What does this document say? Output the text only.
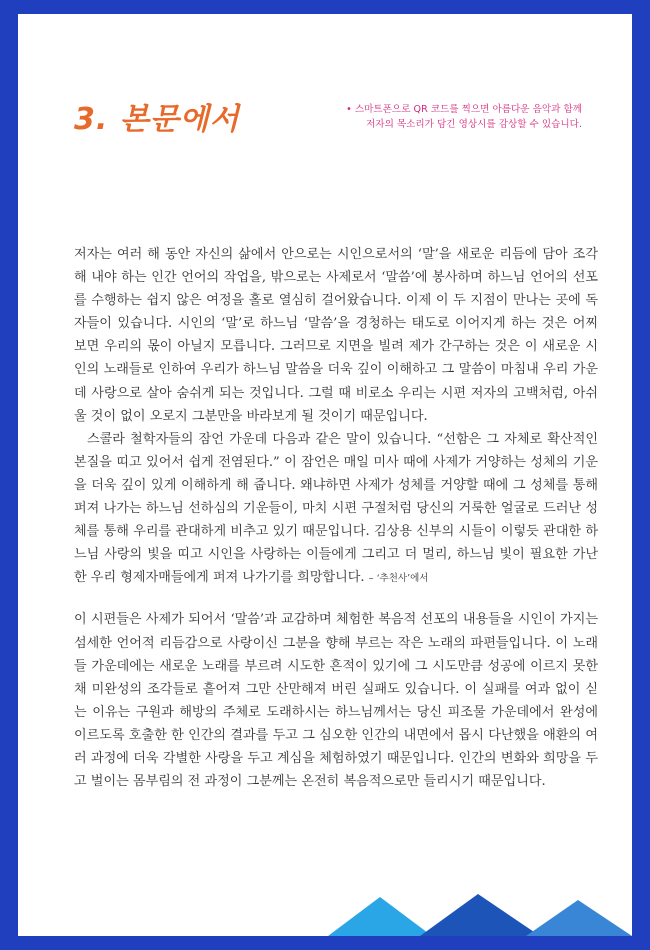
3. 본문에서	• 스마트폰으로 QR 코드를 찍으면 아름다운 음악과 함께

저자의 목소리가 담긴 영상시를 감상할 수 있습니다.

저자는 여러 해 동안 자신의 삶에서 안으로는 시인으로서의 ‘말’을 새로운 리듬에 담아 조각해 내야 하는 인간 언어의 작업을, 밖으로는 사제로서 ‘말씀’에 봉사하며 하느님 언어의 선포를 수행하는 쉽지 않은 여정을 홀로 열심히 걸어왔습니다. 이제 이 두 지점이 만나는 곳에 독자들이 있습니다. 시인의 ‘말’로 하느님 ‘말씀’을 경청하는 태도로 이어지게 하는 것은 어찌 보면 우리의 몫이 아닐지 모릅니다. 그러므로 지면을 빌려 제가 간구하는 것은 이 새로운 시인의 노래들로 인하여 우리가 하느님 말씀을 더욱 깊이 이해하고 그 말씀이 마침내 우리 가운데 사랑으로 살아 숨쉬게 되는 것입니다. 그럴 때 비로소 우리는 시편 저자의 고백처럼, 아쉬울 것이 없이 오로지 그분만을 바라보게 될 것이기 때문입니다.

스콜라 철학자들의 잠언 가운데 다음과 같은 말이 있습니다. “선함은 그 자체로 확산적인 본질을 띠고 있어서 쉽게 전염된다.” 이 잠언은 매일 미사 때에 사제가 거양하는 성체의 기운을 더욱 깊이 있게 이해하게 해 줍니다. 왜냐하면 사제가 성체를 거양할 때에 그 성체를 통해 퍼져 나가는 하느님 선하심의 기운들이, 마치 시편 구절처럼 당신의 거룩한 얼굴로 드러난 성체를 통해 우리를 관대하게 비추고 있기 때문입니다. 김상용 신부의 시들이 이렇듯 관대한 하느님 사랑의 빛을 띠고 시인을 사랑하는 이들에게 그리고 더 멀리, 하느님 빛이 필요한 가난한 우리 형제자매들에게 퍼져 나가기를 희망합니다. – ‘추천사’에서

이 시편들은 사제가 되어서 ‘말씀’과 교감하며 체험한 복음적 선포의 내용들을 시인이 가지는 섬세한 언어적 리듬감으로 사랑이신 그분을 향해 부르는 작은 노래의 파편들입니다. 이 노래들 가운데에는 새로운 노래를 부르려 시도한 흔적이 있기에 그 시도만큼 성공에 이르지 못한 채 미완성의 조각들로 흩어져 그만 산만해져 버린 실패도 있습니다. 이 실패를 여과 없이 싣는 이유는 구원과 해방의 주체로 도래하시는 하느님께서는 당신 피조물 가운데에서 완성에 이르도록 호출한 한 인간의 결과를 두고 그 심오한 인간의 내면에서 몹시 다난했을 애환의 여러 과정에 더욱 각별한 사랑을 두고 계심을 체험하였기 때문입니다. 인간의 변화와 희망을 두고 벌이는 몸부림의 전 과정이 그분께는 온전히 복음적으로만 들리시기 때문입니다.
